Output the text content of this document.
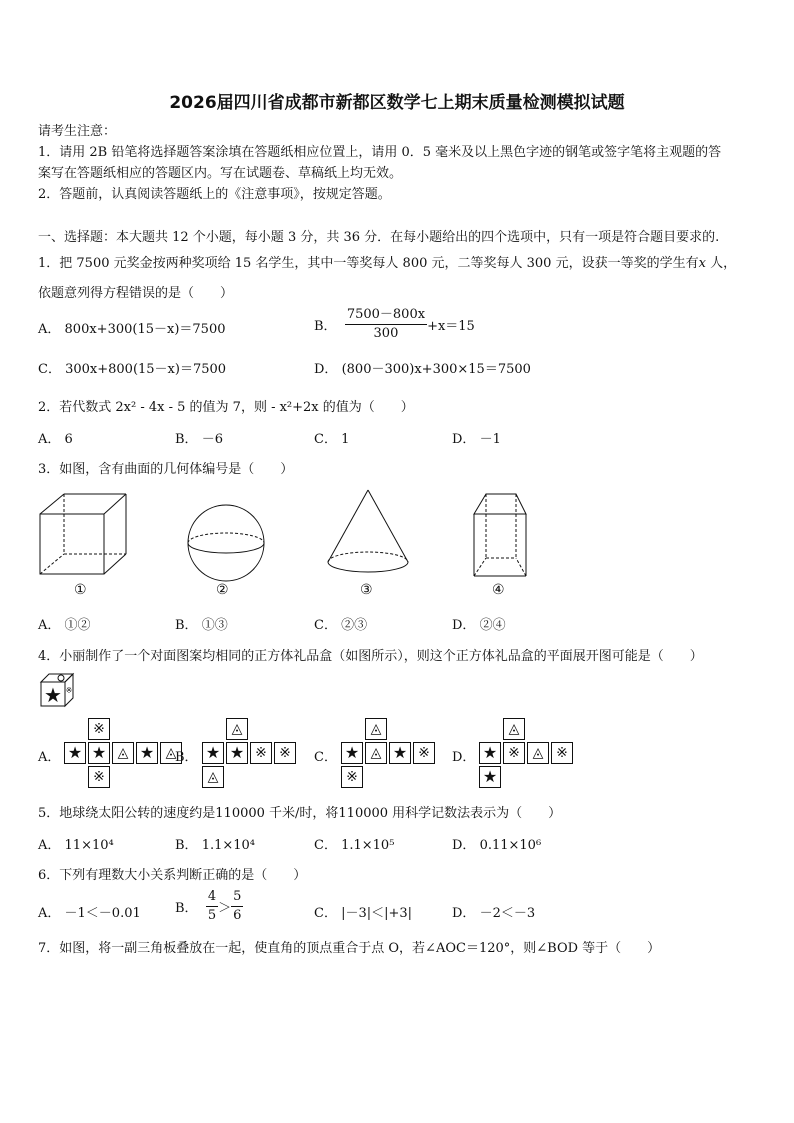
2026届四川省成都市新都区数学七上期末质量检测模拟试题
请考生注意：
1．请用 2B 铅笔将选择题答案涂填在答题纸相应位置上，请用 0．5 毫米及以上黑色字迹的钢笔或签字笔将主观题的答
案写在答题纸相应的答题区内。写在试题卷、草稿纸上均无效。
2．答题前，认真阅读答题纸上的《注意事项》，按规定答题。
一、选择题：本大题共 12 个小题，每小题 3 分，共 36 分．在每小题给出的四个选项中，只有一项是符合题目要求的.
1．把 7500 元奖金按两种奖项给 15 名学生，其中一等奖每人 800 元，二等奖每人 300 元，设获一等奖的学生有x 人，
依题意列得方程错误的是（　　）
A． 800x+300(15－x)＝7500	B． $\frac{7500-800x}{300} +x=15$
C． 300x+800(15－x)＝7500	D． (800－300)x+300×15＝7500
2．若代数式 2x² - 4x - 5 的值为 7，则 - x²+2x 的值为（　　）
A． 6	B． －6	C． 1	D． －1
3．如图，含有曲面的几何体编号是（　　）
①	②	③	④
A． ①②	B． ①③	C． ②③	D． ②④
4．小丽制作了一个对面图案均相同的正方体礼品盒（如图所示），则这个正方体礼品盒的平面展开图可能是（　　）
★ ※
A．
※
★ ★ ◬ ★ ◬
※
B．
◬
★ ★ ※ ※
◬
C．
◬
★ ◬ ★ ※
※
D．
◬
★ ※ ◬ ※
★
5．地球绕太阳公转的速度约是110000 千米/时，将110000 用科学记数法表示为（　　）
A． 11×10⁴	B． 1.1×10⁴	C． 1.1×10⁵	D． 0.11×10⁶
6．下列有理数大小关系判断正确的是（　　）
A． －1＜－0.01	B． $\frac{4}{5} > \frac{5}{6}$	C． |－3|＜|+3|	D． －2＜－3
7．如图，将一副三角板叠放在一起，使直角的顶点重合于点 O，若∠AOC＝120°，则∠BOD 等于（　　）
